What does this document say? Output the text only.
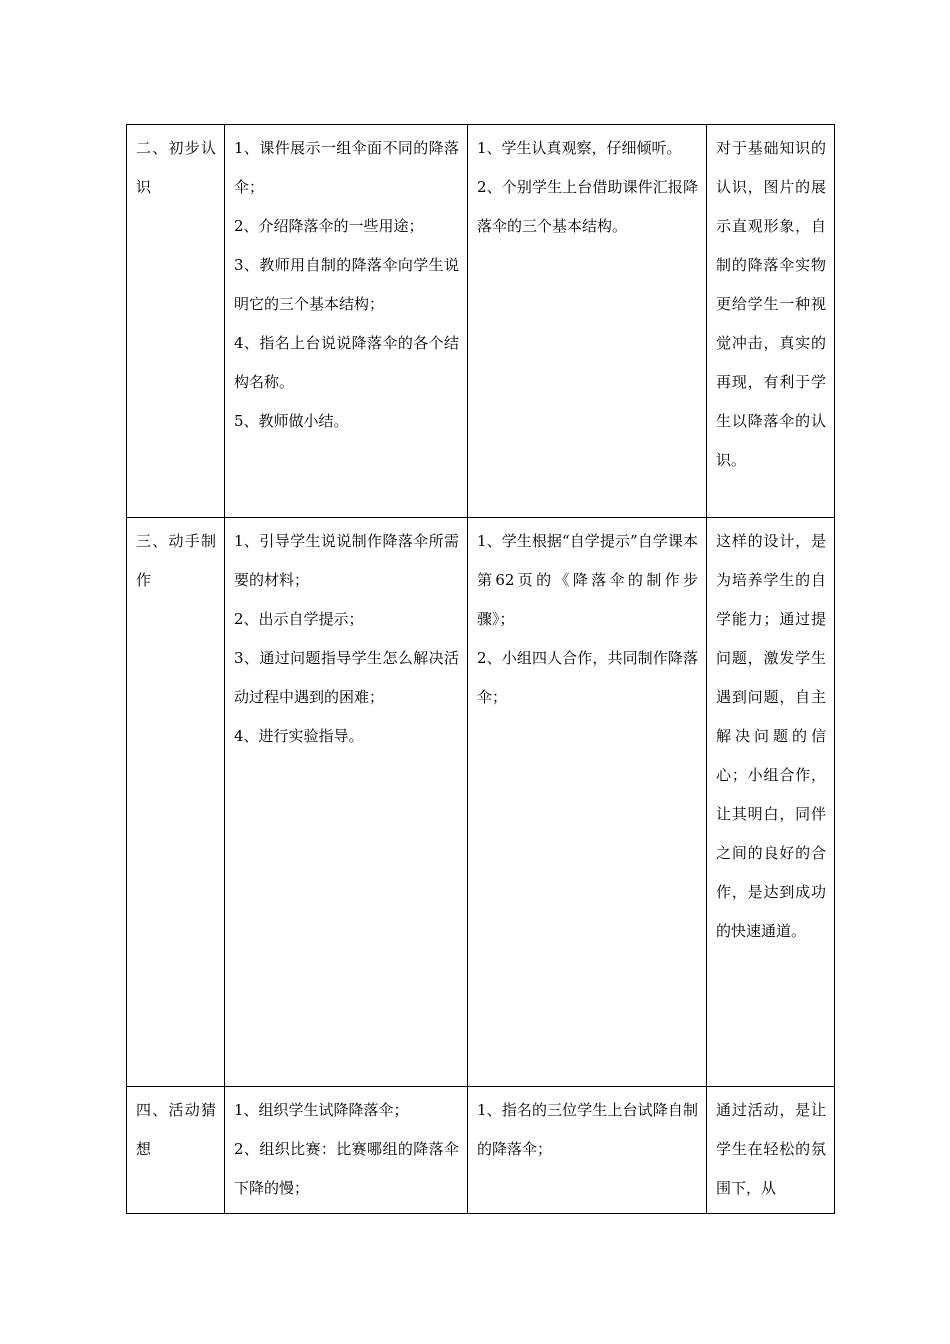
二、初步认识	1、课件展示一组伞面不同的降落伞；
2、介绍降落伞的一些用途；
3、教师用自制的降落伞向学生说明它的三个基本结构；
4、指名上台说说降落伞的各个结构名称。
5、教师做小结。	1、学生认真观察，仔细倾听。
2、个别学生上台借助课件汇报降落伞的三个基本结构。	对于基础知识的认识，图片的展示直观形象，自制的降落伞实物更给学生一种视觉冲击，真实的再现，有利于学生以降落伞的认识。

三、动手制作	1、引导学生说说制作降落伞所需要的材料；
2、出示自学提示；
3、通过问题指导学生怎么解决活动过程中遇到的困难；
4、进行实验指导。	1、学生根据“自学提示”自学课本第62页的《降落伞的制作步骤》；
2、小组四人合作，共同制作降落伞；	这样的设计，是为培养学生的自学能力；通过提问题，激发学生遇到问题，自主解决问题的信心；小组合作，让其明白，同伴之间的良好的合作，是达到成功的快速通道。

四、活动猜想	1、组织学生试降降落伞；
2、组织比赛：比赛哪组的降落伞下降的慢；	1、指名的三位学生上台试降自制的降落伞；	通过活动，是让学生在轻松的氛围下，从
